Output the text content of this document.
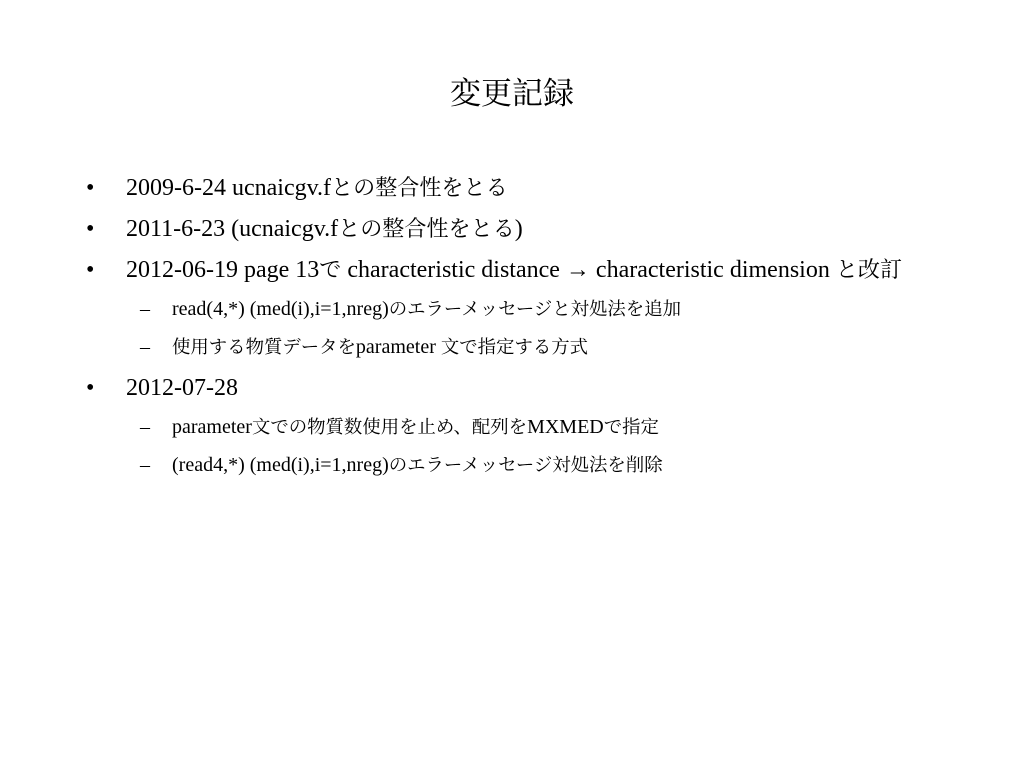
変更記録
• 2009-6-24 ucnaicgv.fとの整合性をとる
• 2011-6-23 (ucnaicgv.fとの整合性をとる)
• 2012-06-19 page 13で characteristic distance → characteristic dimension と改訂
– read(4,*) (med(i),i=1,nreg)のエラーメッセージと対処法を追加
– 使用する物質データをparameter 文で指定する方式
• 2012-07-28
– parameter文での物質数使用を止め、配列をMXMEDで指定
– (read4,*) (med(i),i=1,nreg)のエラーメッセージ対処法を削除
